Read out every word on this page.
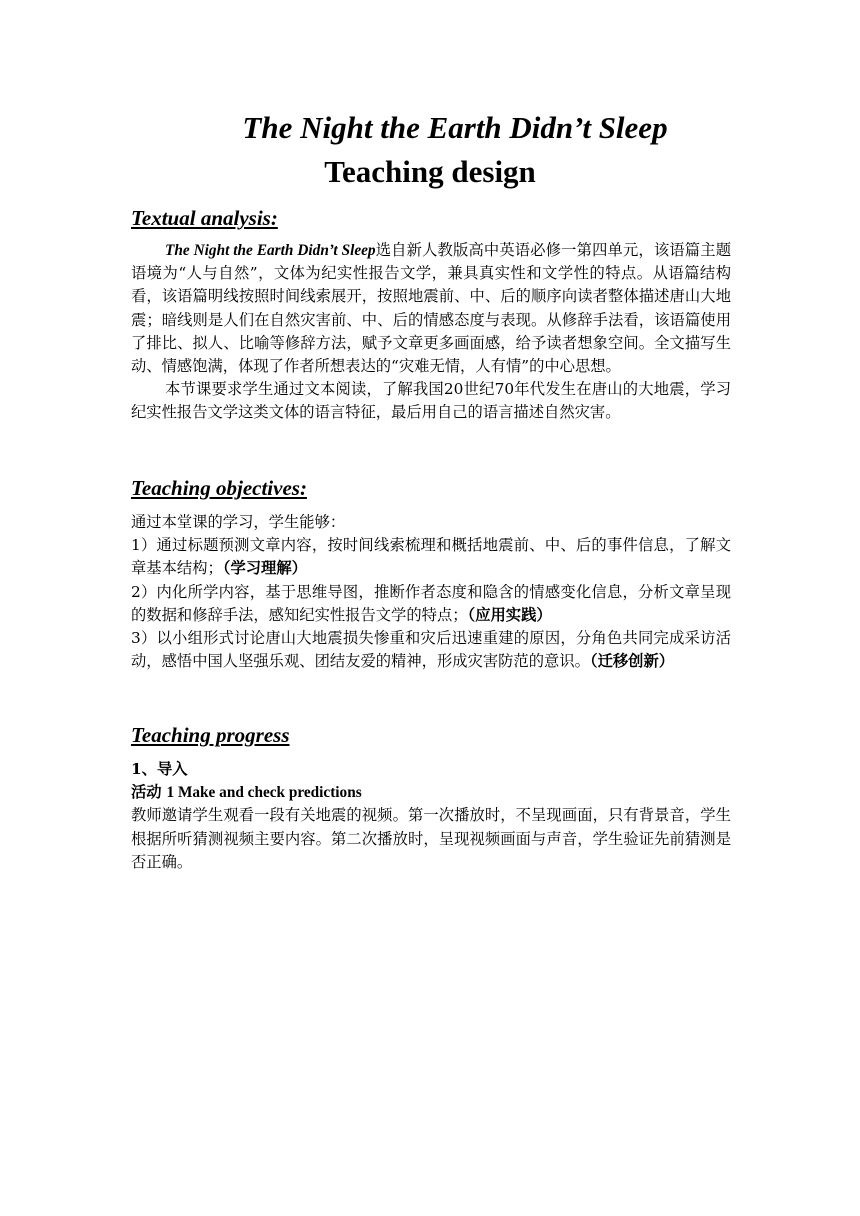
The Night the Earth Didn’t Sleep
Teaching design
Textual analysis:

The Night the Earth Didn’t Sleep选自新人教版高中英语必修一第四单元，该语篇主题语境为“人与自然”，文体为纪实性报告文学，兼具真实性和文学性的特点。从语篇结构看，该语篇明线按照时间线索展开，按照地震前、中、后的顺序向读者整体描述唐山大地震；暗线则是人们在自然灾害前、中、后的情感态度与表现。从修辞手法看，该语篇使用了排比、拟人、比喻等修辞方法，赋予文章更多画面感，给予读者想象空间。全文描写生动、情感饱满，体现了作者所想表达的“灾难无情，人有情”的中心思想。

本节课要求学生通过文本阅读，了解我国20世纪70年代发生在唐山的大地震，学习纪实性报告文学这类文体的语言特征，最后用自己的语言描述自然灾害。

Teaching objectives:

通过本堂课的学习，学生能够：

1）通过标题预测文章内容，按时间线索梳理和概括地震前、中、后的事件信息，了解文章基本结构；（学习理解）

2）内化所学内容，基于思维导图，推断作者态度和隐含的情感变化信息，分析文章呈现的数据和修辞手法，感知纪实性报告文学的特点；（应用实践）

3）以小组形式讨论唐山大地震损失惨重和灾后迅速重建的原因，分角色共同完成采访活动，感悟中国人坚强乐观、团结友爱的精神，形成灾害防范的意识。（迁移创新）

Teaching progress

1、导入

活动 1 Make and check predictions

教师邀请学生观看一段有关地震的视频。第一次播放时，不呈现画面，只有背景音，学生根据所听猜测视频主要内容。第二次播放时，呈现视频画面与声音，学生验证先前猜测是否正确。
